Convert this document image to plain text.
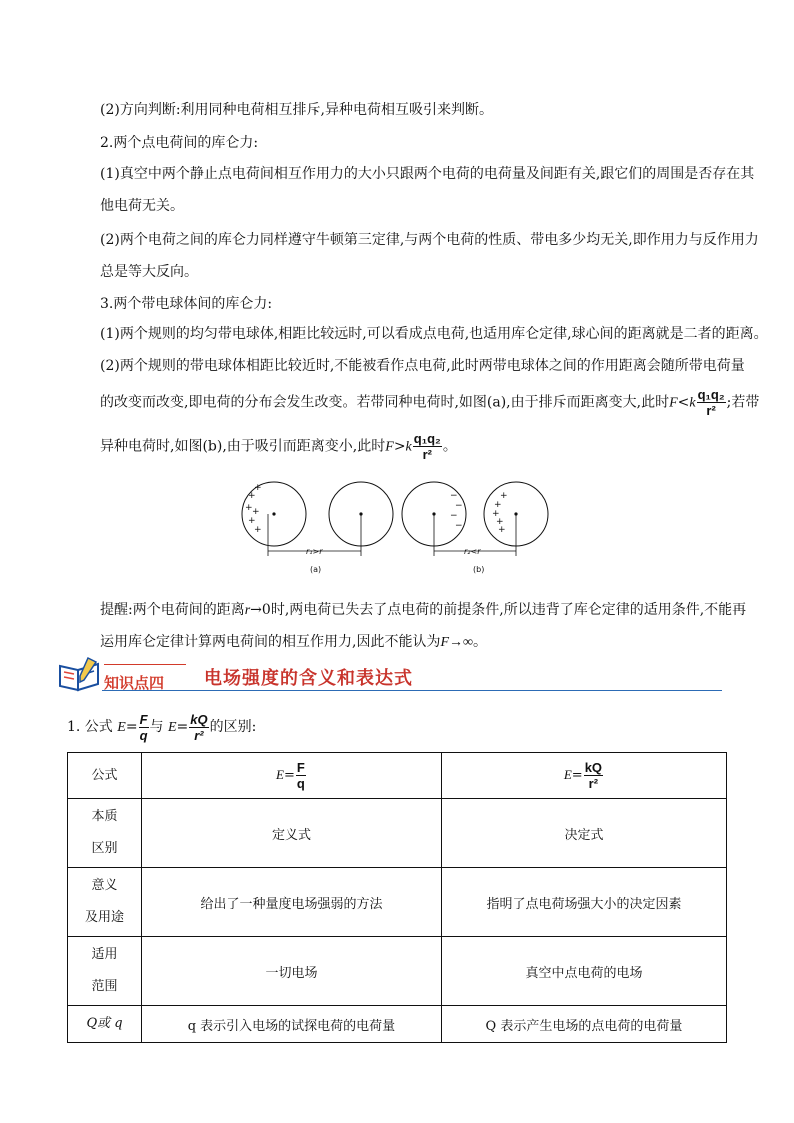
(2)方向判断:利用同种电荷相互排斥,异种电荷相互吸引来判断。
2.两个点电荷间的库仑力:
(1)真空中两个静止点电荷间相互作用力的大小只跟两个电荷的电荷量及间距有关,跟它们的周围是否存在其
他电荷无关。
(2)两个电荷之间的库仑力同样遵守牛顿第三定律,与两个电荷的性质、带电多少均无关,即作用力与反作用力
总是等大反向。
3.两个带电球体间的库仑力:
(1)两个规则的均匀带电球体,相距比较远时,可以看成点电荷,也适用库仑定律,球心间的距离就是二者的距离。
(2)两个规则的带电球体相距比较近时,不能被看作点电荷,此时两带电球体之间的作用距离会随所带电荷量
的改变而改变,即电荷的分布会发生改变。若带同种电荷时,如图(a),由于排斥而距离变大,此时$F<k \frac{\text{q₁q₂}}{\text{r²}}$ ;若带
异种电荷时,如图(b),由于吸引而距离变小,此时$F>k \frac{\text{q₁q₂}}{\text{r²}}$ 。
+
+
+ +
+
+
−
−
−
−
+
+
+
+
+
r₁>r	r₂<r
(a)	(b)
提醒:两个电荷间的距离r→0时,两电荷已失去了点电荷的前提条件,所以违背了库仑定律的适用条件,不能再
运用库仑定律计算两电荷间的相互作用力,因此不能认为F→∞。
知识点四 电场强度的含义和表达式
1. 公式 $E= \frac{F}{q}$ 与 $E= \frac{kQ}{\text{r²}}$ 的区别:
公式	$E= \frac{F}{q}$	$E= \frac{kQ}{\text{r²}}$

本质
区别	定义式	决定式
意义
及用途	给出了一种量度电场强弱的方法	指明了点电荷场强大小的决定因素
适用
范围	一切电场	真空中点电荷的电场
Q或 q	q 表示引入电场的试探电荷的电荷量	Q 表示产生电场的点电荷的电荷量
